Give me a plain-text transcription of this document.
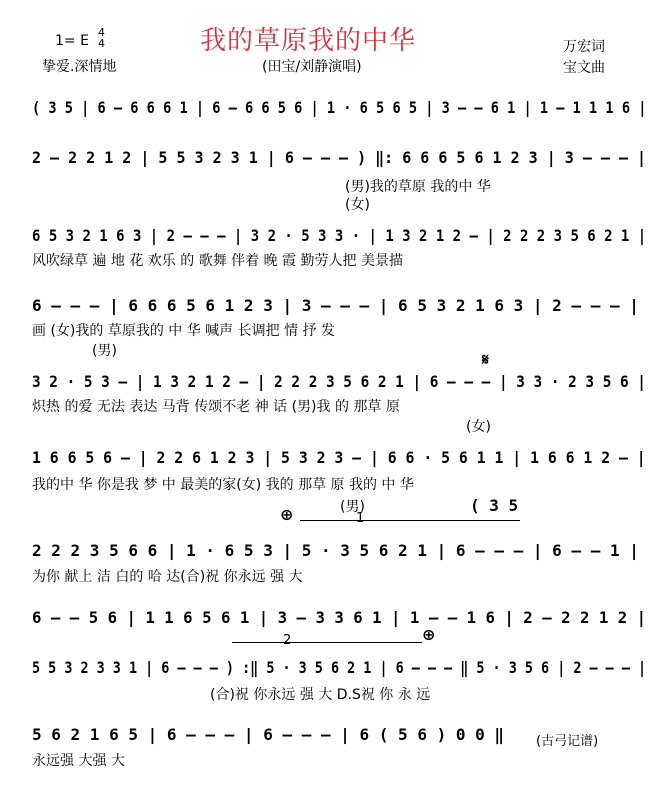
我的草原我的中华
1= E
4
4
挚爱.深情地	(田宝/刘静演唱)
万宏词
宝文曲
( 3 5 | 6 — 6 6 6 1 | 6 — 6 6 5 6 | 1 · 6 5 6 5 | 3 — — 6 1 | 1 — 1 1 1 6 |
2 — 2 2 1 2 | 5 5 3 2 3 1 | 6 — — — ) ‖: 6 6 6 5 6 1 2 3 | 3 — — — |
(男)我的草原 我的中 华
(女)
6 5 3 2 1 6 3 | 2 — — — | 3 2 · 5 3 3 · | 1 3 2 1 2 — | 2 2 2 3 5 6 2 1 |
风吹绿草 遍 地 花 欢乐 的 歌舞 伴着 晚 霞 勤劳人把 美景描
6 — — — | 6 6 6 5 6 1 2 3 | 3 — — — | 6 5 3 2 1 6 3 | 2 — — — |
画 (女)我的 草原我的 中 华 喊声 长调把 情 抒 发
(男)	𝄋
3 2 · 5 3 — | 1 3 2 1 2 — | 2 2 2 3 5 6 2 1 | 6 — — — | 3 3 · 2 3 5 6 |
炽热 的爱 无法 表达 马背 传颂不老 神 话 (男)我 的 那草 原
(女)
1 6 6 5 6 — | 2 2 6 1 2 3 | 5 3 2 3 — | 6 6 · 5 6 1 1 | 1 6 6 1 2 — |
我的中 华 你是我 梦 中 最美的家(女) 我的 那草 原 我的 中 华
⊕	1
(男)	( 3 5
2 2 2 3 5 6 6 | 1 · 6 5 3 | 5 · 3 5 6 2 1 | 6 — — — | 6 — — 1 |
为你 献上 洁 白的 哈 达(合)祝 你永远 强 大
6 — — 5 6 | 1 1 6 5 6 1 | 3 — 3 3 6 1 | 1 — — 1 6 | 2 — 2 2 1 2 |
2	⊕
5 5 3 2 3 3 1 | 6 — — — ) :‖ 5 · 3 5 6 2 1 | 6 — — — ‖ 5 · 3 5 6 | 2 — — — |
(合)祝 你永远 强 大 D.S祝 你 永 远
5 6 2 1 6 5 | 6 — — — | 6 — — — | 6 ( 5 6 ) 0 0 ‖
永远强 大强 大
(古弓记谱)
